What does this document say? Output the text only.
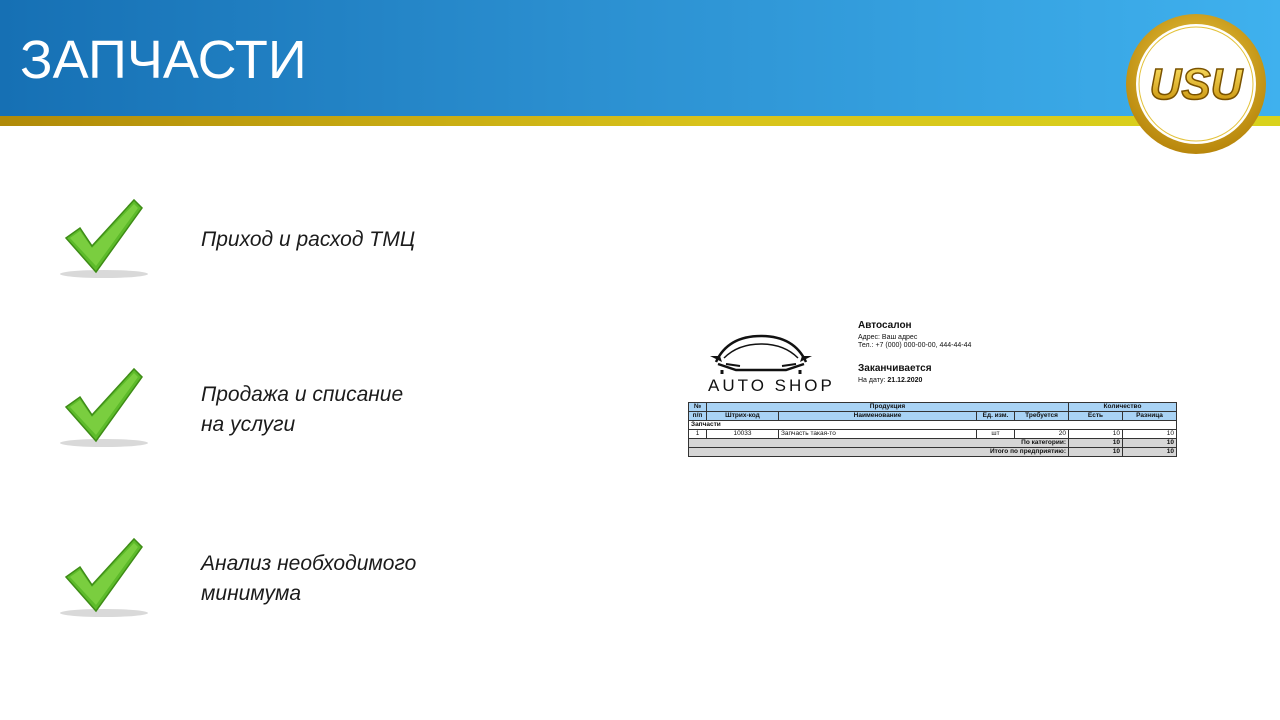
ЗАПЧАСТИ	USU

Приход и расход ТМЦ

Продажа и списание
на услуги

Анализ необходимого
минимума

AUTO SHOP
Автосалон
Адрес: Ваш адрес
Тел.: +7 (000) 000-00-00, 444-44-44
Заканчивается
На дату: 21.12.2020
№	Продукция				Количество	
п/п	Штрих-код	Наименование	Ед. изм.	Требуется	Есть	Разница
Запчасти						
1	10033	Запчасть такая-то	шт	20	10	10
По категории:					10	10
Итого по предприятию:					10	10
